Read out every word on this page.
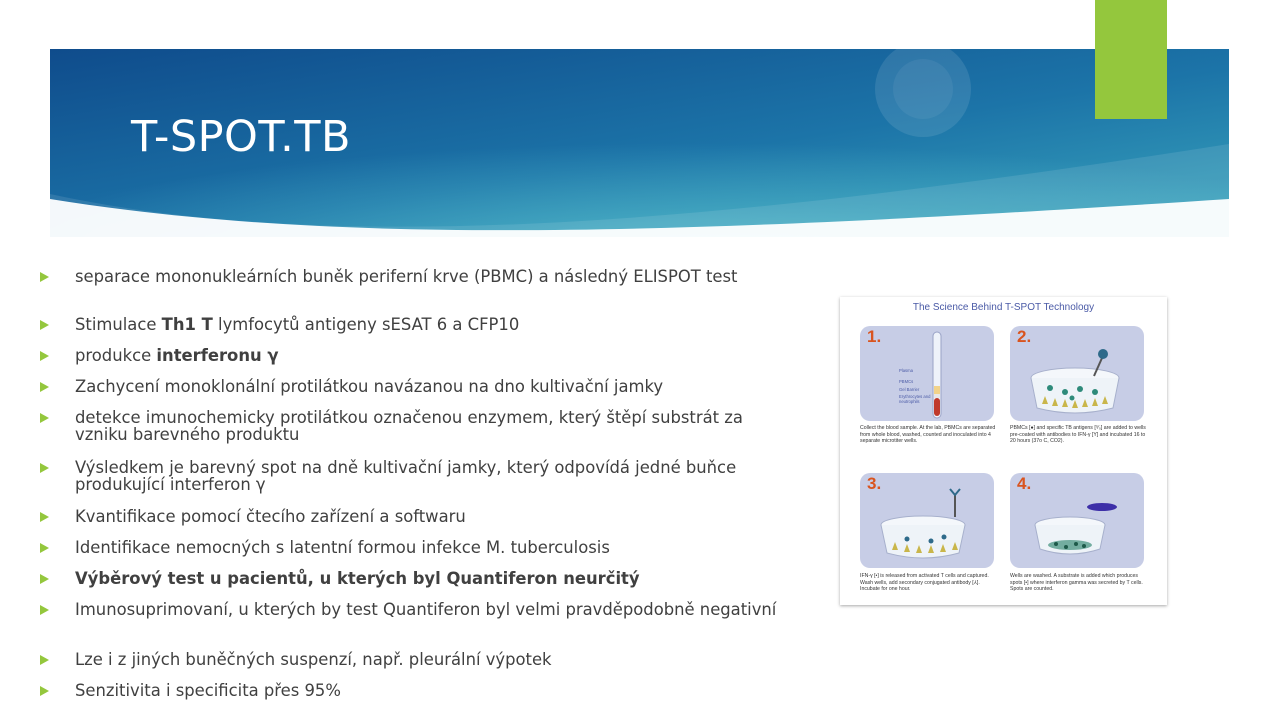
T-SPOT.TB
separace mononukleárních buněk periferní krve (PBMC) a následný ELISPOT test
Stimulace Th1 T lymfocytů antigeny sESAT 6 a CFP10
produkce interferonu γ
Zachycení monoklonální protilátkou navázanou na dno kultivační jamky
detekce imunochemicky protilátkou označenou enzymem, který štěpí substrát za vzniku barevného produktu
Výsledkem je barevný spot na dně kultivační jamky, který odpovídá jedné buňce produkující interferon γ
Kvantifikace pomocí čtecího zařízení a softwaru
Identifikace nemocných s latentní formou infekce M. tuberculosis
Výběrový test u pacientů, u kterých byl Quantiferon neurčitý
Imunosuprimovaní, u kterých by test Quantiferon byl velmi pravděpodobně negativní
Lze i z jiných buněčných suspenzí, např. pleurální výpotek
Senzitivita i specificita přes 95%
The Science Behind T-SPOT Technology
1.
Plasma
PBMCs
Gel Barrier
Erythrocytes and neutrophils
Collect the blood sample. At the lab, PBMCs are separated from whole blood, washed, counted and inoculated into 4 separate microtiter wells.
2.
PBMCs [●] and specific TB antigens [⁰⁄₀] are added to wells pre-coated with antibodies to IFN-γ [Y] and incubated 16 to 20 hours (37o C, CO2).
3.
IFN-γ [•] is released from activated T cells and captured. Wash wells, add secondary conjugated antibody [⅄]. Incubate for one hour.
4.
Wells are washed. A substrate is added which produces spots [•] where interferon gamma was secreted by T cells. Spots are counted.
